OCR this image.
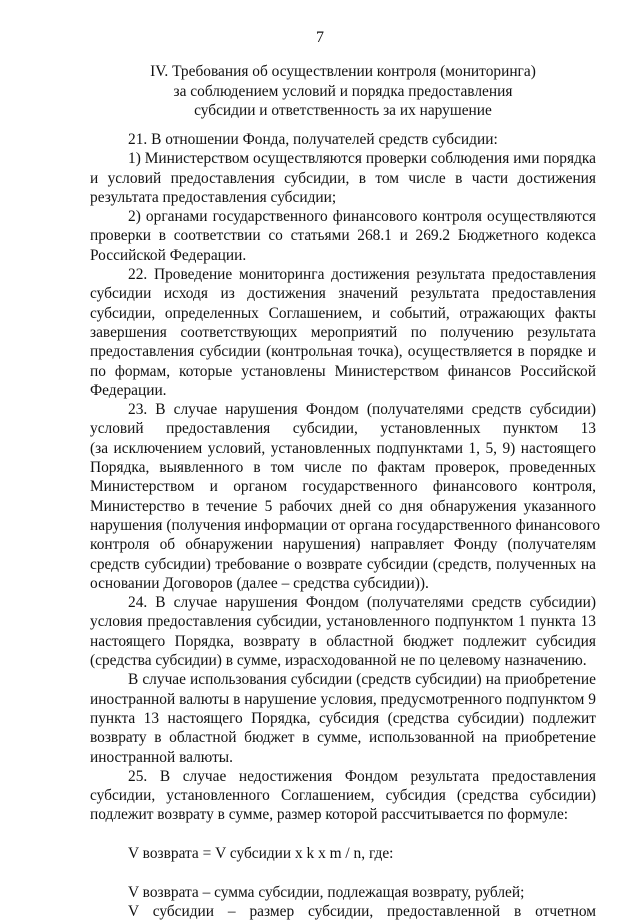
7
IV. Требования об осуществлении контроля (мониторинга)
за соблюдением условий и порядка предоставления
субсидии и ответственность за их нарушение
21. В отношении Фонда, получателей средств субсидии:
1) Министерством осуществляются проверки соблюдения ими порядка
и условий предоставления субсидии, в том числе в части достижения
результата предоставления субсидии;
2) органами государственного финансового контроля осуществляются
проверки в соответствии со статьями 268.1 и 269.2 Бюджетного кодекса
Российской Федерации.
22. Проведение мониторинга достижения результата предоставления
субсидии исходя из достижения значений результата предоставления
субсидии, определенных Соглашением, и событий, отражающих факты
завершения соответствующих мероприятий по получению результата
предоставления субсидии (контрольная точка), осуществляется в порядке и
по формам, которые установлены Министерством финансов Российской
Федерации.
23. В случае нарушения Фондом (получателями средств субсидии)
условий предоставления субсидии, установленных пунктом 13
(за исключением условий, установленных подпунктами 1, 5, 9) настоящего
Порядка, выявленного в том числе по фактам проверок, проведенных
Министерством и органом государственного финансового контроля,
Министерство в течение 5 рабочих дней со дня обнаружения указанного
нарушения (получения информации от органа государственного финансового
контроля об обнаружении нарушения) направляет Фонду (получателям
средств субсидии) требование о возврате субсидии (средств, полученных на
основании Договоров (далее – средства субсидии)).
24. В случае нарушения Фондом (получателями средств субсидии)
условия предоставления субсидии, установленного подпунктом 1 пункта 13
настоящего Порядка, возврату в областной бюджет подлежит субсидия
(средства субсидии) в сумме, израсходованной не по целевому назначению.
В случае использования субсидии (средств субсидии) на приобретение
иностранной валюты в нарушение условия, предусмотренного подпунктом 9
пункта 13 настоящего Порядка, субсидия (средства субсидии) подлежит
возврату в областной бюджет в сумме, использованной на приобретение
иностранной валюты.
25. В случае недостижения Фондом результата предоставления
субсидии, установленного Соглашением, субсидия (средства субсидии)
подлежит возврату в сумме, размер которой рассчитывается по формуле:
V возврата = V субсидии x k x m / n, где:
V возврата – сумма субсидии, подлежащая возврату, рублей;
V субсидии – размер субсидии, предоставленной в отчетном
